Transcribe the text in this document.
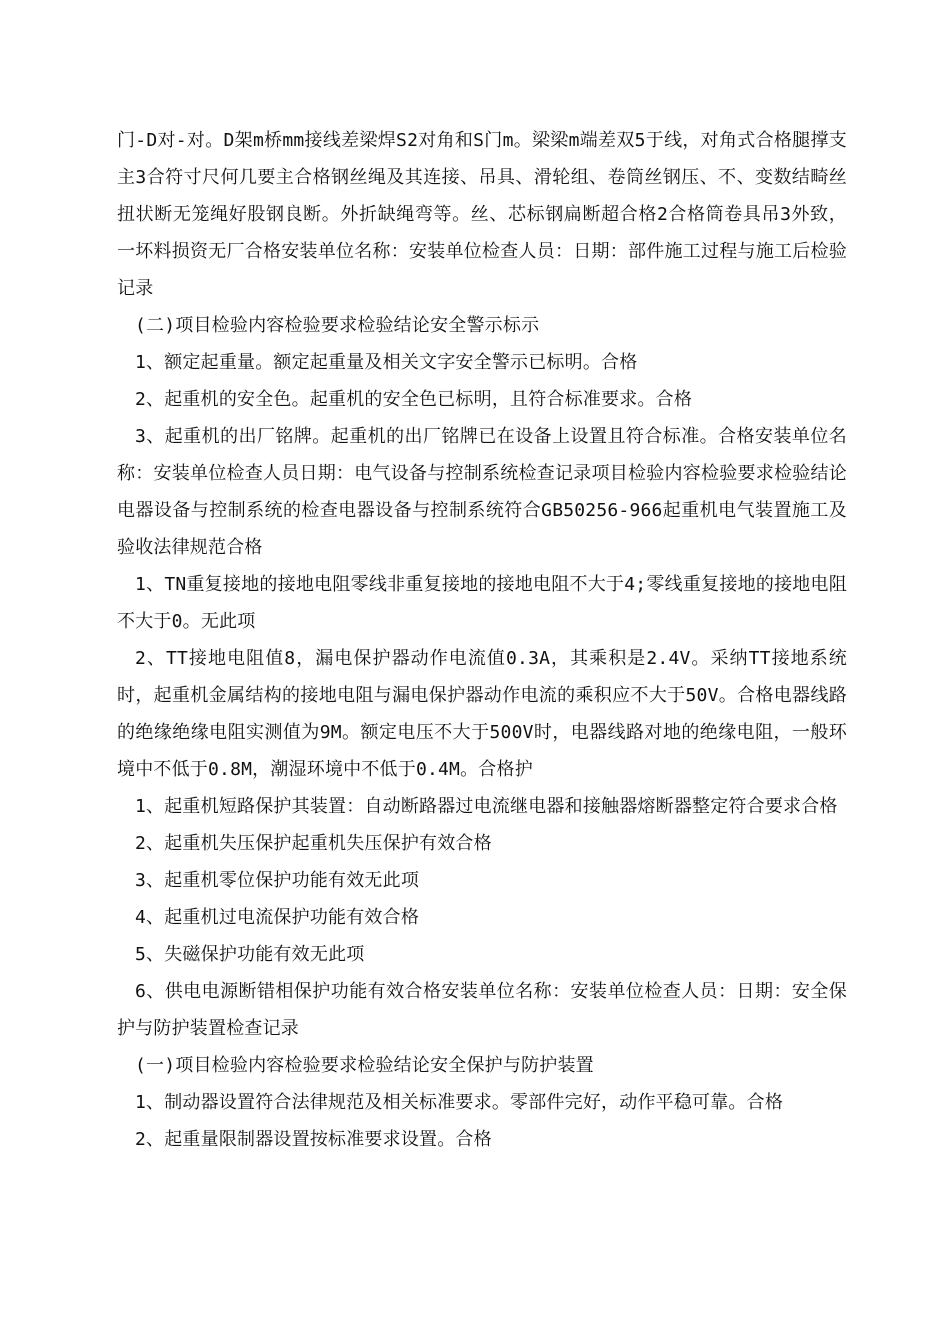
门-D对-对。D架m桥mm接线差梁焊S2对角和S门m。梁梁m端差双5于线，对角式合格腿撑支主3合符寸尺何几要主合格钢丝绳及其连接、吊具、滑轮组、卷筒丝钢压、不、变数结畸丝扭状断无笼绳好股钢良断。外折缺绳弯等。丝、芯标钢扁断超合格2合格筒卷具吊3外致，一坏料损资无厂合格安装单位名称：安装单位检查人员：日期：部件施工过程与施工后检验记录

(二)项目检验内容检验要求检验结论安全警示标示

1、额定起重量。额定起重量及相关文字安全警示已标明。合格

2、起重机的安全色。起重机的安全色已标明，且符合标准要求。合格

3、起重机的出厂铭牌。起重机的出厂铭牌已在设备上设置且符合标准。合格安装单位名称：安装单位检查人员日期：电气设备与控制系统检查记录项目检验内容检验要求检验结论电器设备与控制系统的检查电器设备与控制系统符合GB50256-966起重机电气装置施工及验收法律规范合格

1、TN重复接地的接地电阻零线非重复接地的接地电阻不大于4;零线重复接地的接地电阻不大于0。无此项

2、TT接地电阻值8，漏电保护器动作电流值0.3A，其乘积是2.4V。采纳TT接地系统时，起重机金属结构的接地电阻与漏电保护器动作电流的乘积应不大于50V。合格电器线路的绝缘绝缘电阻实测值为9M。额定电压不大于500V时，电器线路对地的绝缘电阻，一般环境中不低于0.8M，潮湿环境中不低于0.4M。合格护

1、起重机短路保护其装置：自动断路器过电流继电器和接触器熔断器整定符合要求合格

2、起重机失压保护起重机失压保护有效合格

3、起重机零位保护功能有效无此项

4、起重机过电流保护功能有效合格

5、失磁保护功能有效无此项

6、供电电源断错相保护功能有效合格安装单位名称：安装单位检查人员：日期：安全保护与防护装置检查记录

(一)项目检验内容检验要求检验结论安全保护与防护装置

1、制动器设置符合法律规范及相关标准要求。零部件完好，动作平稳可靠。合格

2、起重量限制器设置按标准要求设置。合格
